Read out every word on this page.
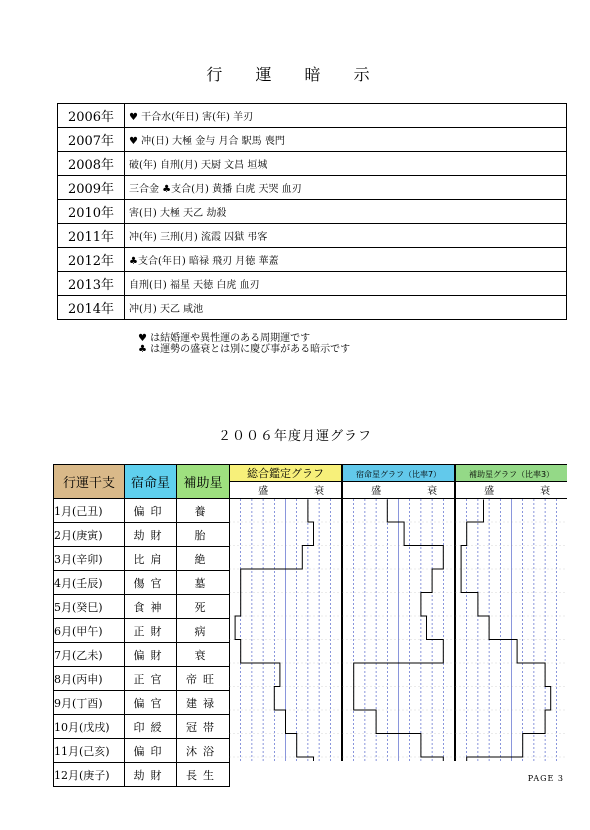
行 運 暗 示
2006年	♥ 干合水(年日) 害(年) 羊刃
2007年	♥ 冲(日) 大極 金与 月合 駅馬 喪門
2008年	破(年) 自刑(月) 天厨 文昌 垣城
2009年	三合金 ♣支合(月) 黄播 白虎 天哭 血刃
2010年	害(日) 大極 天乙 劫殺
2011年	冲(年) 三刑(月) 流霞 囚獄 弔客
2012年	♣支合(年日) 暗禄 飛刃 月徳 華蓋
2013年	自刑(日) 福星 天徳 白虎 血刃
2014年	冲(月) 天乙 咸池
♥ は結婚運や異性運のある周期運です
♣ は運勢の盛衰とは別に慶び事がある暗示です
２００６年度月運グラフ
行運干支	宿命星	補助星
1月(己丑)	偏印	養
2月(庚寅)	劫財	胎
3月(辛卯)	比肩	絶
4月(壬辰)	傷官	墓
5月(癸巳)	食神	死
6月(甲午)	正財	病
7月(乙未)	偏財	衰
8月(丙申)	正官	帝旺
9月(丁酉)	偏官	建禄
10月(戊戌)	印綬	冠帯
11月(己亥)	偏印	沐浴
12月(庚子)	劫財	長生
総合鑑定グラフ
盛	衰
宿命星グラフ（比率7）
盛	衰
補助星グラフ（比率3）
盛	衰
PAGE 3
